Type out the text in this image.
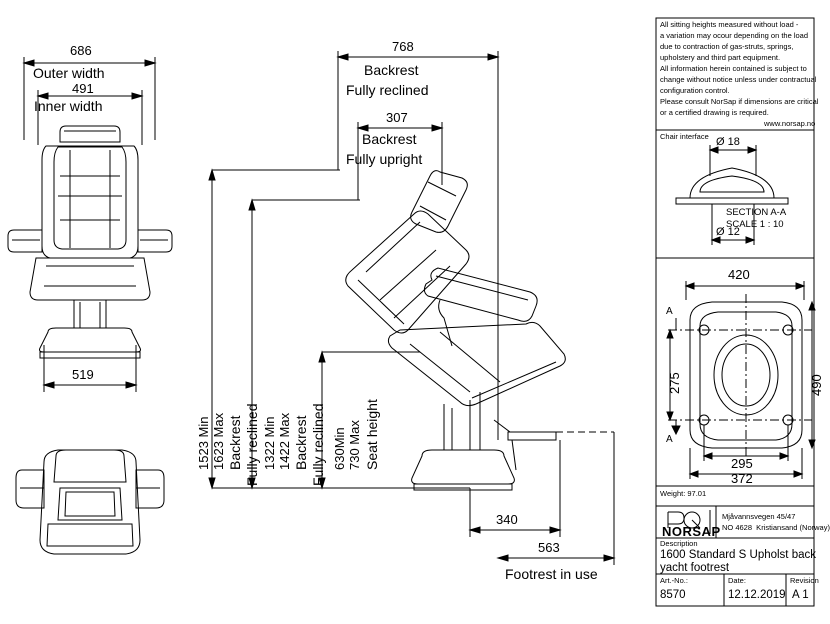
686
Outer width
491
Inner width
519
768
Backrest
Fully reclined
307
Backrest
Fully upright
1523 Min 1623 Max Backrest Fully reclined 1322 Min 1422 Max Backrest Fully reclined 630Min 730 Max Seat height
340
563
Footrest in use
All sitting heights measured without load -
a variation may ocour depending on the load
due to contraction of gas-struts, springs,
upholstery and third part equipment.
All information herein contained is subject to
change without notice unless under contractual
configuration control.
Please consult NorSap if dimensions are critical
or a certified drawing is required.
www.norsap.no
Chair interface Ø 18
Ø 12
SECTION A-A
SCALE 1 : 10
420
275	490
295
372
A
A
Weight: 97.01
NORSAP
Mjåvannsvegen 45/47
NO 4628  Kristiansand (Norway)
Description
1600 Standard S Upholst back
yacht footrest
Art.-No.:
8570
Date:
12.12.2019
Revision
A 1
